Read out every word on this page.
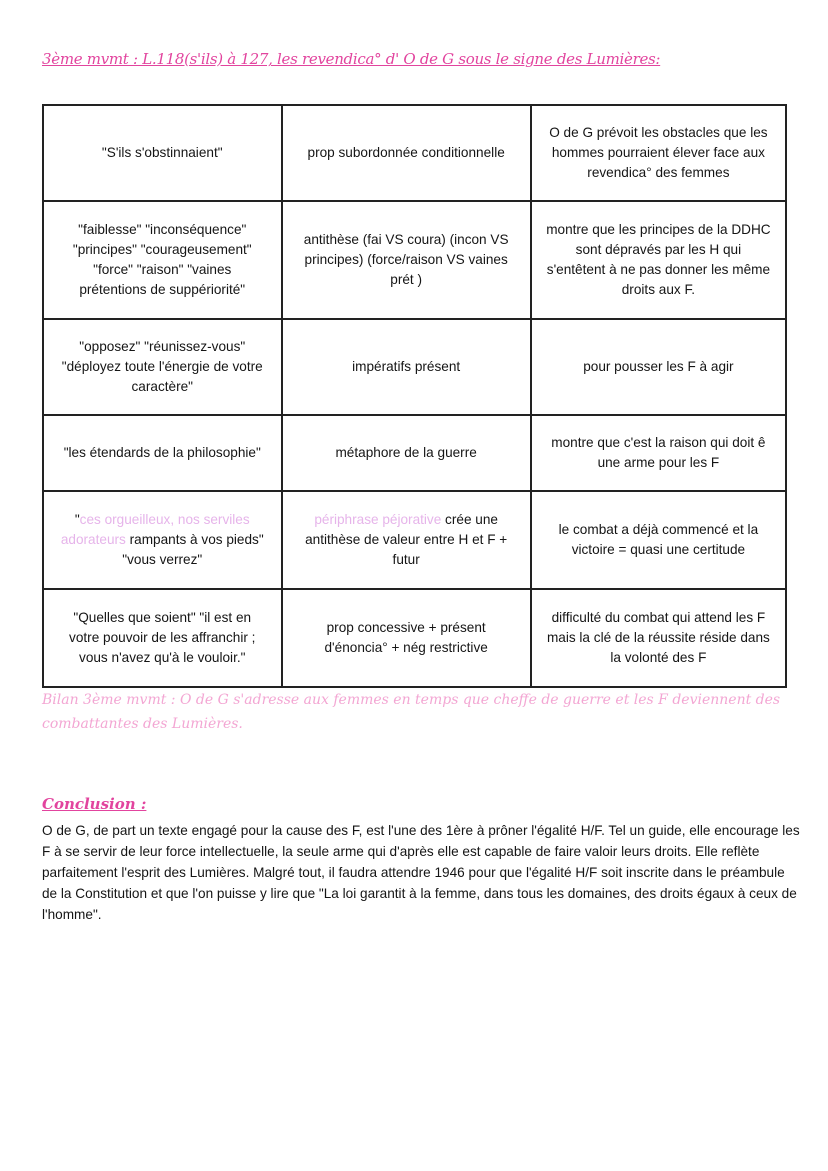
3ème mvmt : L.118(s'ils) à 127, les revendica° d' O de G sous le signe des Lumières:
"S'ils s'obstinnaient"	prop subordonnée conditionnelle	O de G prévoit les obstacles que les hommes pourraient élever face aux revendica° des femmes
"faiblesse" "inconséquence" "principes" "courageusement" "force" "raison" "vaines prétentions de suppériorité"	antithèse (fai VS coura) (incon VS principes) (force/raison VS vaines prét )	montre que les principes de la DDHC sont dépravés par les H qui s'entêtent à ne pas donner les même droits aux F.
"opposez" "réunissez-vous" "déployez toute l'énergie de votre caractère"	impératifs présent	pour pousser les F à agir
"les étendards de la philosophie"	métaphore de la guerre	montre que c'est la raison qui doit ê une arme pour les F
"ces orgueilleux, nos serviles adorateurs rampants à vos pieds" "vous verrez"	périphrase péjorative crée une antithèse de valeur entre H et F + futur	le combat a déjà commencé et la victoire = quasi une certitude
"Quelles que soient" "il est en votre pouvoir de les affranchir ; vous n'avez qu'à le vouloir."	prop concessive + présent d'énoncia° + nég restrictive	difficulté du combat qui attend les F mais la clé de la réussite réside dans la volonté des F
Bilan 3ème mvmt : O de G s'adresse aux femmes en temps que cheffe de guerre et les F deviennent des combattantes des Lumières.
Conclusion :
O de G, de part un texte engagé pour la cause des F, est l'une des 1ère à prôner l'égalité H/F. Tel un guide, elle encourage les F à se servir de leur force intellectuelle, la seule arme qui d'après elle est capable de faire valoir leurs droits. Elle reflète parfaitement l'esprit des Lumières. Malgré tout, il faudra attendre 1946 pour que l'égalité H/F soit inscrite dans le préambule de la Constitution et que l'on puisse y lire que "La loi garantit à la femme, dans tous les domaines, des droits égaux à ceux de l'homme".
